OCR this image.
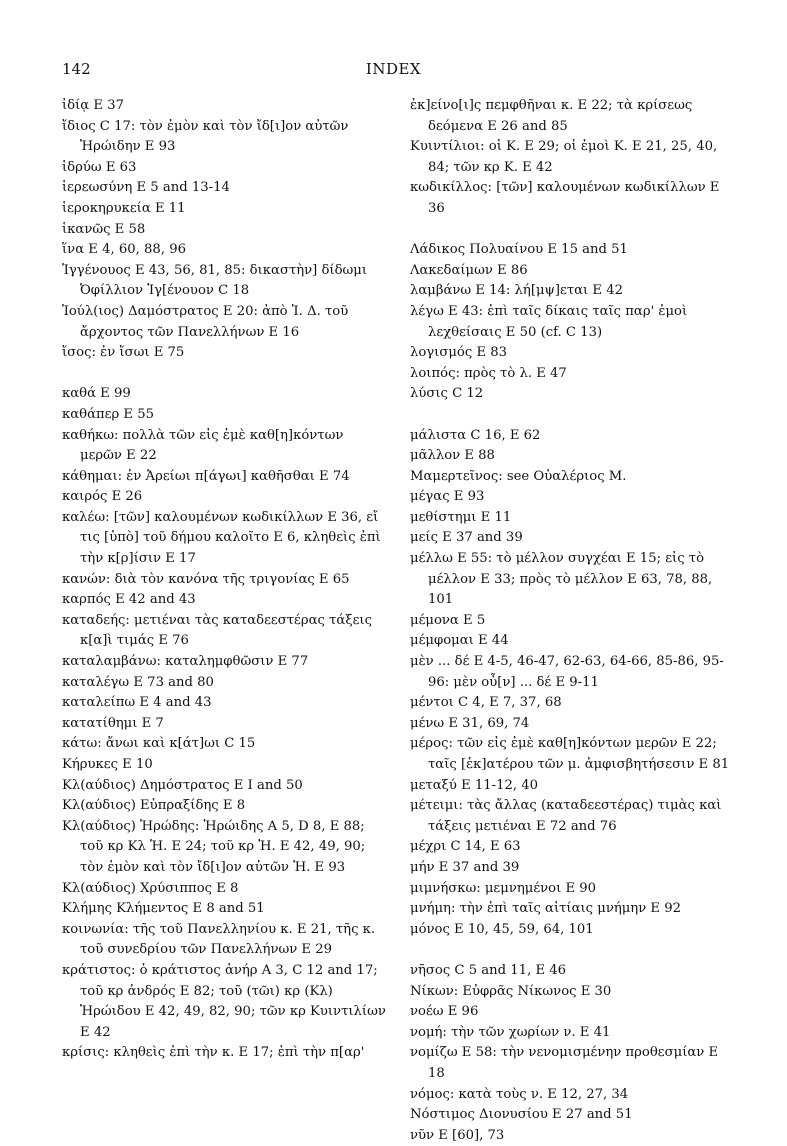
142	INDEX

ἰδίᾳ E 37

ἴδιος C 17: τὸν ἐμὸν καὶ τὸν ἴδ[ι]ον αὐτῶν Ἡρώιδην E 93

ἱδρύω E 63

ἱερεωσύνη E 5 and 13-14

ἱεροκηρυκεία E 11

ἱκανῶς E 58

ἵνα E 4, 60, 88, 96

Ἰγγένουος E 43, 56, 81, 85: δικαστὴν] δίδωμι Ὀφίλλιον Ἰγ[ένουον C 18

Ἰούλ(ιος) Δαμόστρατος E 20: ἀπὸ Ἰ. Δ. τοῦ ἄρχοντος τῶν Πανελλήνων E 16

ἴσος: ἐν ἴσωι E 75

καθά E 99

καθάπερ E 55

καθήκω: πολλὰ τῶν εἰς ἐμὲ καθ[η]κόντων μερῶν E 22

κάθημαι: ἐν Ἀρείωι π[άγωι] καθῆσθαι E 74

καιρός E 26

καλέω: [τῶν] καλουμένων κωδικίλλων E 36, εἴ τις [ὑπὸ] τοῦ δήμου καλοῖτο E 6, κληθεὶς ἐπὶ τὴν κ[ρ]ίσιν E 17

κανών: διὰ τὸν κανόνα τῆς τριγονίας E 65

καρπός E 42 and 43

καταδεής: μετιέναι τὰς καταδεεστέρας τάξεις κ[α]ὶ τιμάς E 76

καταλαμβάνω: καταλημφθῶσιν E 77

καταλέγω E 73 and 80

καταλείπω E 4 and 43

κατατίθημι E 7

κάτω: ἄνωι καὶ κ[άτ]ωι C 15

Κήρυκες E 10

Κλ(αύδιος) Δημόστρατος E I and 50

Κλ(αύδιος) Εὐπραξίδης E 8

Κλ(αύδιος) Ἡρώδης: Ἡρώιδης A 5, D 8, E 88; τοῦ κρ Κλ Ἡ. E 24; τοῦ κρ Ἡ. E 42, 49, 90; τὸν ἐμὸν καὶ τὸν ἴδ[ι]ον αὐτῶν Ἡ. E 93

Κλ(αύδιος) Χρύσιππος E 8

Κλήμης Κλήμεντος E 8 and 51

κοινωνία: τῆς τοῦ Πανελληνίου κ. E 21, τῆς κ. τοῦ συνεδρίου τῶν Πανελλήνων E 29

κράτιστος: ὁ κράτιστος ἀνήρ A 3, C 12 and 17; τοῦ κρ ἀνδρός E 82; τοῦ (τῶι) κρ (Κλ) Ἡρώιδου E 42, 49, 82, 90; τῶν κρ Κυιντιλίων E 42

κρίσις: κληθεὶς ἐπὶ τὴν κ. E 17; ἐπὶ τὴν π[αρ'

ἐκ]είνο[ι]ς πεμφθῆναι κ. E 22; τὰ κρίσεως δεόμενα E 26 and 85

Κυιντίλιοι: οἱ Κ. E 29; οἱ ἐμοὶ Κ. E 21, 25, 40, 84; τῶν κρ Κ. E 42

κωδικίλλος: [τῶν] καλουμένων κωδικίλλων E 36

Λάδικος Πολυαίνου E 15 and 51

Λακεδαίμων E 86

λαμβάνω E 14: λή[μψ]εται E 42

λέγω E 43: ἐπὶ ταῖς δίκαις ταῖς παρ' ἐμοὶ λεχθείσαις E 50 (cf. C 13)

λογισμός E 83

λοιπός: πρὸς τὸ λ. E 47

λύσις C 12

μάλιστα C 16, E 62

μᾶλλον E 88

Μαμερτεῖνος: see Οὐαλέριος Μ.

μέγας E 93

μεθίστημι E 11

μείς E 37 and 39

μέλλω E 55: τὸ μέλλον συγχέαι E 15; εἰς τὸ μέλλον E 33; πρὸς τὸ μέλλον E 63, 78, 88, 101

μέμονα E 5

μέμφομαι E 44

μὲν ... δέ E 4-5, 46-47, 62-63, 64-66, 85-86, 95-96: μὲν οὖ[ν] ... δέ E 9-11

μέντοι C 4, E 7, 37, 68

μένω E 31, 69, 74

μέρος: τῶν εἰς ἐμὲ καθ[η]κόντων μερῶν E 22; ταῖς [ἑκ]ατέρου τῶν μ. ἀμφισβητήσεσιν E 81

μεταξύ E 11-12, 40

μέτειμι: τὰς ἄλλας (καταδεεστέρας) τιμὰς καὶ τάξεις μετιέναι E 72 and 76

μέχρι C 14, E 63

μήν E 37 and 39

μιμνήσκω: μεμνημένοι E 90

μνήμη: τὴν ἐπὶ ταῖς αἰτίαις μνήμην E 92

μόνος E 10, 45, 59, 64, 101

νῆσος C 5 and 11, E 46

Νίκων: Εὐφρᾶς Νίκωνος E 30

νοέω E 96

νομή: τὴν τῶν χωρίων ν. E 41

νομίζω E 58: τὴν νενομισμένην προθεσμίαν E 18

νόμος: κατὰ τοὺς ν. E 12, 27, 34

Νόστιμος Διονυσίου E 27 and 51

νῦν E [60], 73
